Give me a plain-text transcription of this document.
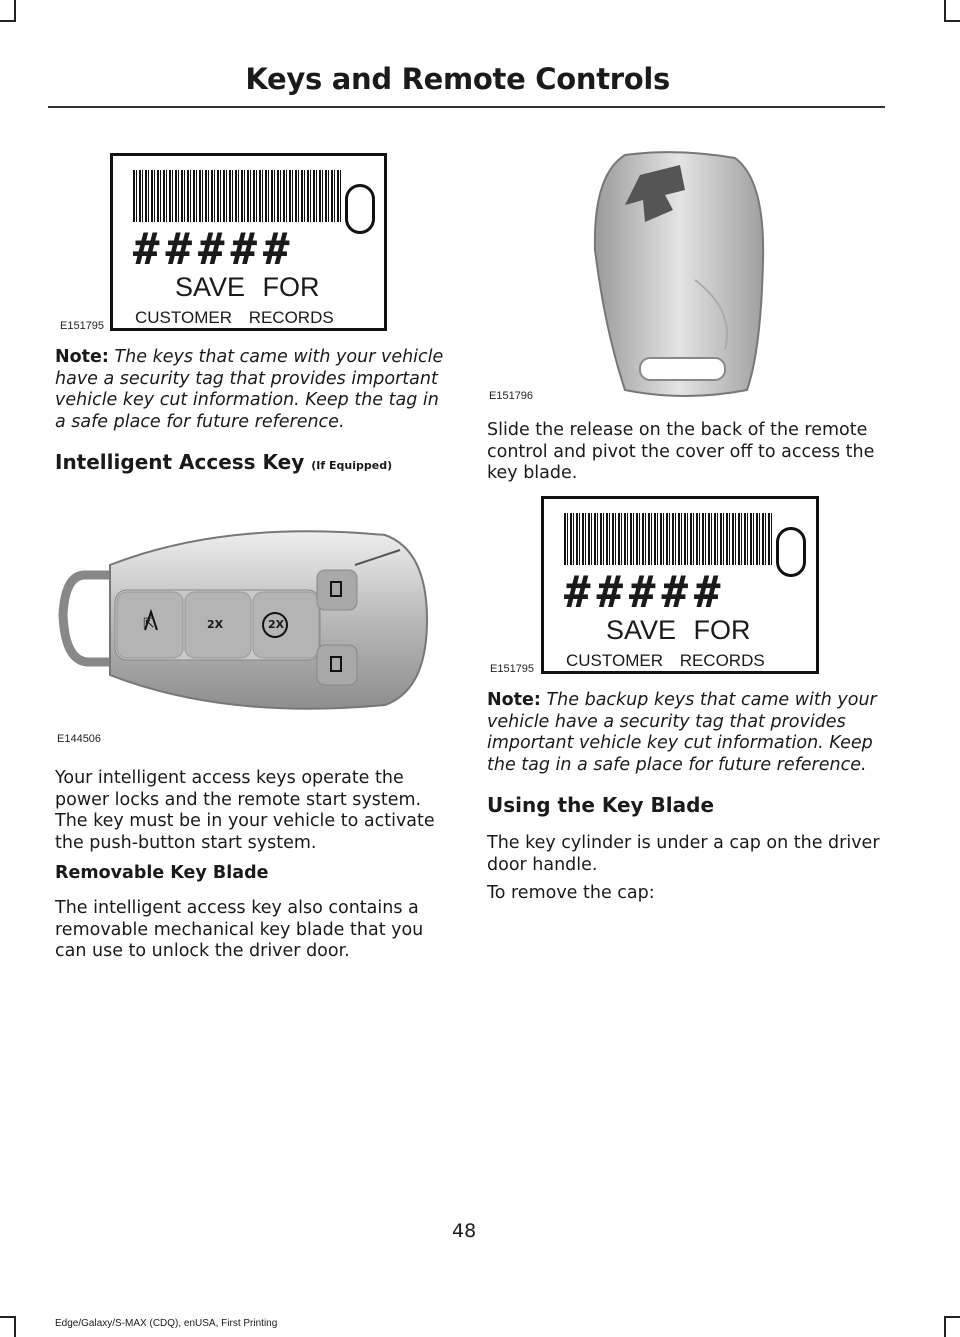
Keys and Remote Controls
E151795
#####
SAVE FOR
CUSTOMER RECORDS

Note: The keys that came with your vehicle have a security tag that provides important vehicle key cut information. Keep the tag in a safe place for future reference.

Intelligent Access Key (If Equipped)
⇱	2X	2X
E144506

Your intelligent access keys operate the power locks and the remote start system. The key must be in your vehicle to activate the push-button start system.

Removable Key Blade

The intelligent access key also contains a removable mechanical key blade that you can use to unlock the driver door.

E151796

Slide the release on the back of the remote control and pivot the cover off to access the key blade.

E151795
#####
SAVE FOR
CUSTOMER RECORDS

Note: The backup keys that came with your vehicle have a security tag that provides important vehicle key cut information. Keep the tag in a safe place for future reference.

Using the Key Blade

The key cylinder is under a cap on the driver door handle.

To remove the cap:

48
Edge/Galaxy/S-MAX (CDQ), enUSA, First Printing
